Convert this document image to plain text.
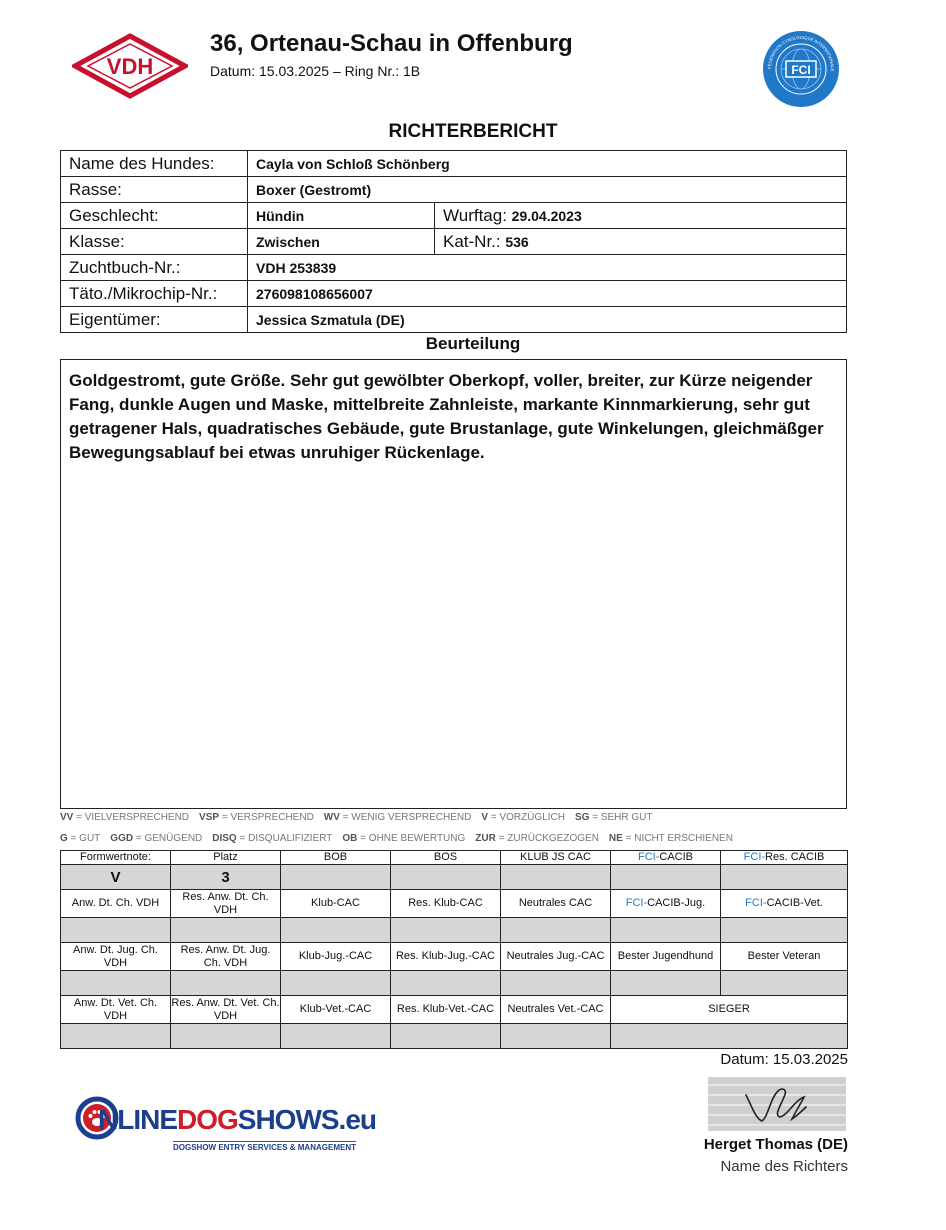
VDH
36, Ortenau-Schau in Offenburg
Datum: 15.03.2025 – Ring Nr.: 1B	FCI
FÉDÉRATION CYNOLOGIQUE INTERNATIONALE
RICHTERBERICHT
Name des Hundes:	Cayla von Schloß Schönberg	
Rasse:	Boxer (Gestromt)	
Geschlecht:	Hündin	Wurftag: 29.04.2023
Klasse:	Zwischen	Kat-Nr.: 536
Zuchtbuch-Nr.:	VDH 253839	
Täto./Mikrochip-Nr.:	276098108656007	
Eigentümer:	Jessica Szmatula (DE)	
Beurteilung

Goldgestromt, gute Größe. Sehr gut gewölbter Oberkopf, voller, breiter, zur Kürze neigender Fang, dunkle Augen und Maske, mittelbreite Zahnleiste, markante Kinnmarkierung, sehr gut getragener Hals, quadratisches Gebäude, gute Brustanlage, gute Winkelungen, gleichmäßger Bewegungsablauf bei etwas unruhiger Rückenlage.

VV = VIELVERSPRECHEND VSP = VERSPRECHEND WV = WENIG VERSPRECHEND V = VORZÜGLICH SG = SEHR GUT
G = GUT GGD = GENÜGEND DISQ = DISQUALIFIZIERT OB = OHNE BEWERTUNG ZUR = ZURÜCKGEZOGEN NE = NICHT ERSCHIENEN
Formwertnote:	Platz	BOB	BOS	KLUB JS CAC	FCI-CACIB	FCI-Res. CACIB
V	3					
Anw. Dt. Ch. VDH	Res. Anw. Dt. Ch. VDH	Klub-CAC	Res. Klub-CAC	Neutrales CAC	FCI-CACIB-Jug.	FCI-CACIB-Vet.

Anw. Dt. Jug. Ch. VDH	Res. Anw. Dt. Jug. Ch. VDH	Klub-Jug.-CAC	Res. Klub-Jug.-CAC	Neutrales Jug.-CAC	Bester Jugendhund	Bester Veteran

Anw. Dt. Vet. Ch. VDH	Res. Anw. Dt. Vet. Ch. VDH	Klub-Vet.-CAC	Res. Klub-Vet.-CAC	Neutrales Vet.-CAC	SIEGER	

Datum: 15.03.2025
Herget Thomas (DE)
Name des Richters
NLINEDOGSHOWS.eu
DOGSHOW ENTRY SERVICES & MANAGEMENT
